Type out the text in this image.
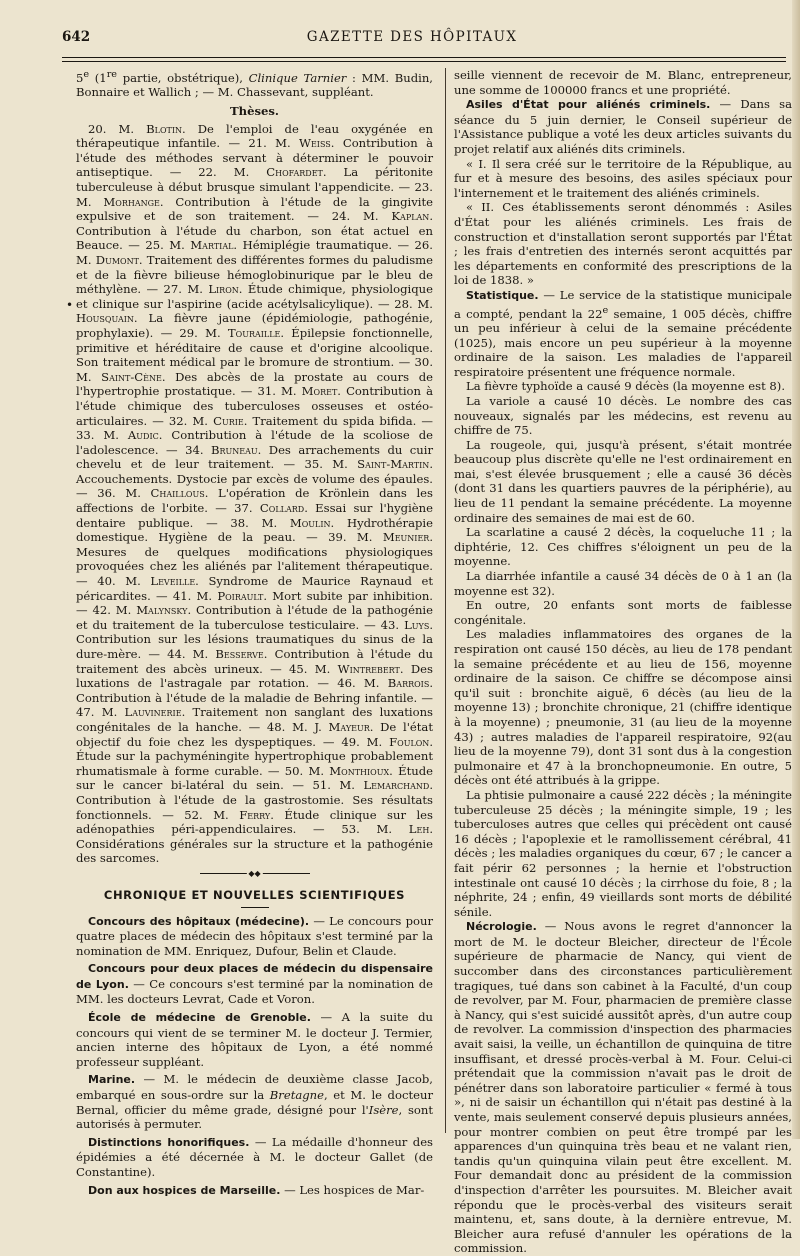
642	GAZETTE DES HÔPITAUX

5e (1re partie, obstétrique), Clinique Tarnier : MM. Budin, Bonnaire et Wallich ; — M. Chassevant, suppléant.

Thèses.

20. M. Blotin. De l'emploi de l'eau oxygénée en thérapeutique infantile. — 21. M. Weiss. Contribution à l'étude des méthodes servant à déterminer le pouvoir antiseptique. — 22. M. Chofardet. La péritonite tuberculeuse à début brusque simulant l'appendicite. — 23. M. Morhange. Contribution à l'étude de la gingivite expulsive et de son traitement. — 24. M. Kaplan. Contribution à l'étude du charbon, son état actuel en Beauce. — 25. M. Martial. Hémiplégie traumatique. — 26. M. Dumont. Traitement des différentes formes du paludisme et de la fièvre bilieuse hémoglobinurique par le bleu de méthylène. — 27. M. Liron. Étude chimique, physiologique et clinique sur l'aspirine (acide acétylsalicylique). — 28. M. Housquain. La fièvre jaune (épidémiologie, pathogénie, prophylaxie). — 29. M. Touraille. Épilepsie fonctionnelle, primitive et héréditaire de cause et d'origine alcoolique. Son traitement médical par le bromure de strontium. — 30. M. Saint-Cène. Des abcès de la prostate au cours de l'hypertrophie prostatique. — 31. M. Moret. Contribution à l'étude chimique des tuberculoses osseuses et ostéo-articulaires. — 32. M. Curie. Traitement du spida bifida. — 33. M. Audic. Contribution à l'étude de la scoliose de l'adolescence. — 34. Bruneau. Des arrachements du cuir chevelu et de leur traitement. — 35. M. Saint-Martin. Accouchements. Dystocie par excès de volume des épaules. — 36. M. Chaillous. L'opération de Krönlein dans les affections de l'orbite. — 37. Collard. Essai sur l'hygiène dentaire publique. — 38. M. Moulin. Hydrothérapie domestique. Hygiène de la peau. — 39. M. Meunier. Mesures de quelques modifications physiologiques provoquées chez les aliénés par l'alitement thérapeutique. — 40. M. Leveille. Syndrome de Maurice Raynaud et péricardites. — 41. M. Poirault. Mort subite par inhibition. — 42. M. Malynsky. Contribution à l'étude de la pathogénie et du traitement de la tuberculose testiculaire. — 43. Luys. Contribution sur les lésions traumatiques du sinus de la dure-mère. — 44. M. Besserve. Contribution à l'étude du traitement des abcès urineux. — 45. M. Wintrebert. Des luxations de l'astragale par rotation. — 46. M. Barrois. Contribution à l'étude de la maladie de Behring infantile. — 47. M. Lauvinerie. Traitement non sanglant des luxations congénitales de la hanche. — 48. M. J. Mayeur. De l'état objectif du foie chez les dyspeptiques. — 49. M. Foulon. Étude sur la pachyméningite hypertrophique probablement rhumatismale à forme curable. — 50. M. Monthioux. Étude sur le cancer bi-latéral du sein. — 51. M. Lemarchand. Contribution à l'étude de la gastrostomie. Ses résultats fonctionnels. — 52. M. Ferry. Étude clinique sur les adénopathies péri-appendiculaires. — 53. M. Leh. Considérations générales sur la structure et la pathogénie des sarcomes.

◆◆
CHRONIQUE ET NOUVELLES SCIENTIFIQUES

Concours des hôpitaux (médecine). — Le concours pour quatre places de médecin des hôpitaux s'est terminé par la nomination de MM. Enriquez, Dufour, Belin et Claude.

Concours pour deux places de médecin du dispensaire de Lyon. — Ce concours s'est terminé par la nomination de MM. les docteurs Levrat, Cade et Voron.

École de médecine de Grenoble. — A la suite du concours qui vient de se terminer M. le docteur J. Termier, ancien interne des hôpitaux de Lyon, a été nommé professeur suppléant.

Marine. — M. le médecin de deuxième classe Jacob, embarqué en sous-ordre sur la Bretagne, et M. le docteur Bernal, officier du même grade, désigné pour l'Isère, sont autorisés à permuter.

Distinctions honorifiques. — La médaille d'honneur des épidémies a été décernée à M. le docteur Gallet (de Constantine).

Don aux hospices de Marseille. — Les hospices de Mar-

•

seille viennent de recevoir de M. Blanc, entrepreneur, une somme de 100000 francs et une propriété.

Asiles d'État pour aliénés criminels. — Dans sa séance du 5 juin dernier, le Conseil supérieur de l'Assistance publique a voté les deux articles suivants du projet relatif aux aliénés dits criminels.

« I. Il sera créé sur le territoire de la République, au fur et à mesure des besoins, des asiles spéciaux pour l'internement et le traitement des aliénés criminels.

« II. Ces établissements seront dénommés : Asiles d'État pour les aliénés criminels. Les frais de construction et d'installation seront supportés par l'État ; les frais d'entretien des internés seront acquittés par les départements en conformité des prescriptions de la loi de 1838. »

Statistique. — Le service de la statistique municipale a compté, pendant la 22e semaine, 1 005 décès, chiffre un peu inférieur à celui de la semaine précédente (1025), mais encore un peu supérieur à la moyenne ordinaire de la saison. Les maladies de l'appareil respiratoire présentent une fréquence normale.

La fièvre typhoïde a causé 9 décès (la moyenne est 8).

La variole a causé 10 décès. Le nombre des cas nouveaux, signalés par les médecins, est revenu au chiffre de 75.

La rougeole, qui, jusqu'à présent, s'était montrée beaucoup plus discrète qu'elle ne l'est ordinairement en mai, s'est élevée brusquement ; elle a causé 36 décès (dont 31 dans les quartiers pauvres de la périphérie), au lieu de 11 pendant la semaine précédente. La moyenne ordinaire des semaines de mai est de 60.

La scarlatine a causé 2 décès, la coqueluche 11 ; la diphtérie, 12. Ces chiffres s'éloignent un peu de la moyenne.

La diarrhée infantile a causé 34 décès de 0 à 1 an (la moyenne est 32).

En outre, 20 enfants sont morts de faiblesse congénitale.

Les maladies inflammatoires des organes de la respiration ont causé 150 décès, au lieu de 178 pendant la semaine précédente et au lieu de 156, moyenne ordinaire de la saison. Ce chiffre se décompose ainsi qu'il suit : bronchite aiguë, 6 décès (au lieu de la moyenne 13) ; bronchite chronique, 21 (chiffre identique à la moyenne) ; pneumonie, 31 (au lieu de la moyenne 43) ; autres maladies de l'appareil respiratoire, 92(au lieu de la moyenne 79), dont 31 sont dus à la congestion pulmonaire et 47 à la bronchopneumonie. En outre, 5 décès ont été attribués à la grippe.

La phtisie pulmonaire a causé 222 décès ; la méningite tuberculeuse 25 décès ; la méningite simple, 19 ; les tuberculoses autres que celles qui précèdent ont causé 16 décès ; l'apoplexie et le ramollissement cérébral, 41 décès ; les maladies organiques du cœur, 67 ; le cancer a fait périr 62 personnes ; la hernie et l'obstruction intestinale ont causé 10 décès ; la cirrhose du foie, 8 ; la néphrite, 24 ; enfin, 49 vieillards sont morts de débilité sénile.

Nécrologie. — Nous avons le regret d'annoncer la mort de M. le docteur Bleicher, directeur de l'École supérieure de pharmacie de Nancy, qui vient de succomber dans des circonstances particulièrement tragiques, tué dans son cabinet à la Faculté, d'un coup de revolver, par M. Four, pharmacien de première classe à Nancy, qui s'est suicidé aussitôt après, d'un autre coup de revolver. La commission d'inspection des pharmacies avait saisi, la veille, un échantillon de quinquina de titre insuffisant, et dressé procès-verbal à M. Four. Celui-ci prétendait que la commission n'avait pas le droit de pénétrer dans son laboratoire particulier « fermé à tous », ni de saisir un échantillon qui n'était pas destiné à la vente, mais seulement conservé depuis plusieurs années, pour montrer combien on peut être trompé par les apparences d'un quinquina très beau et ne valant rien, tandis qu'un quinquina vilain peut être excellent. M. Four demandait donc au président de la commission d'inspection d'arrêter les poursuites. M. Bleicher avait répondu que le procès-verbal des visiteurs serait maintenu, et, sans doute, à la dernière entrevue, M. Bleicher aura refusé d'annuler les opérations de la commission.
